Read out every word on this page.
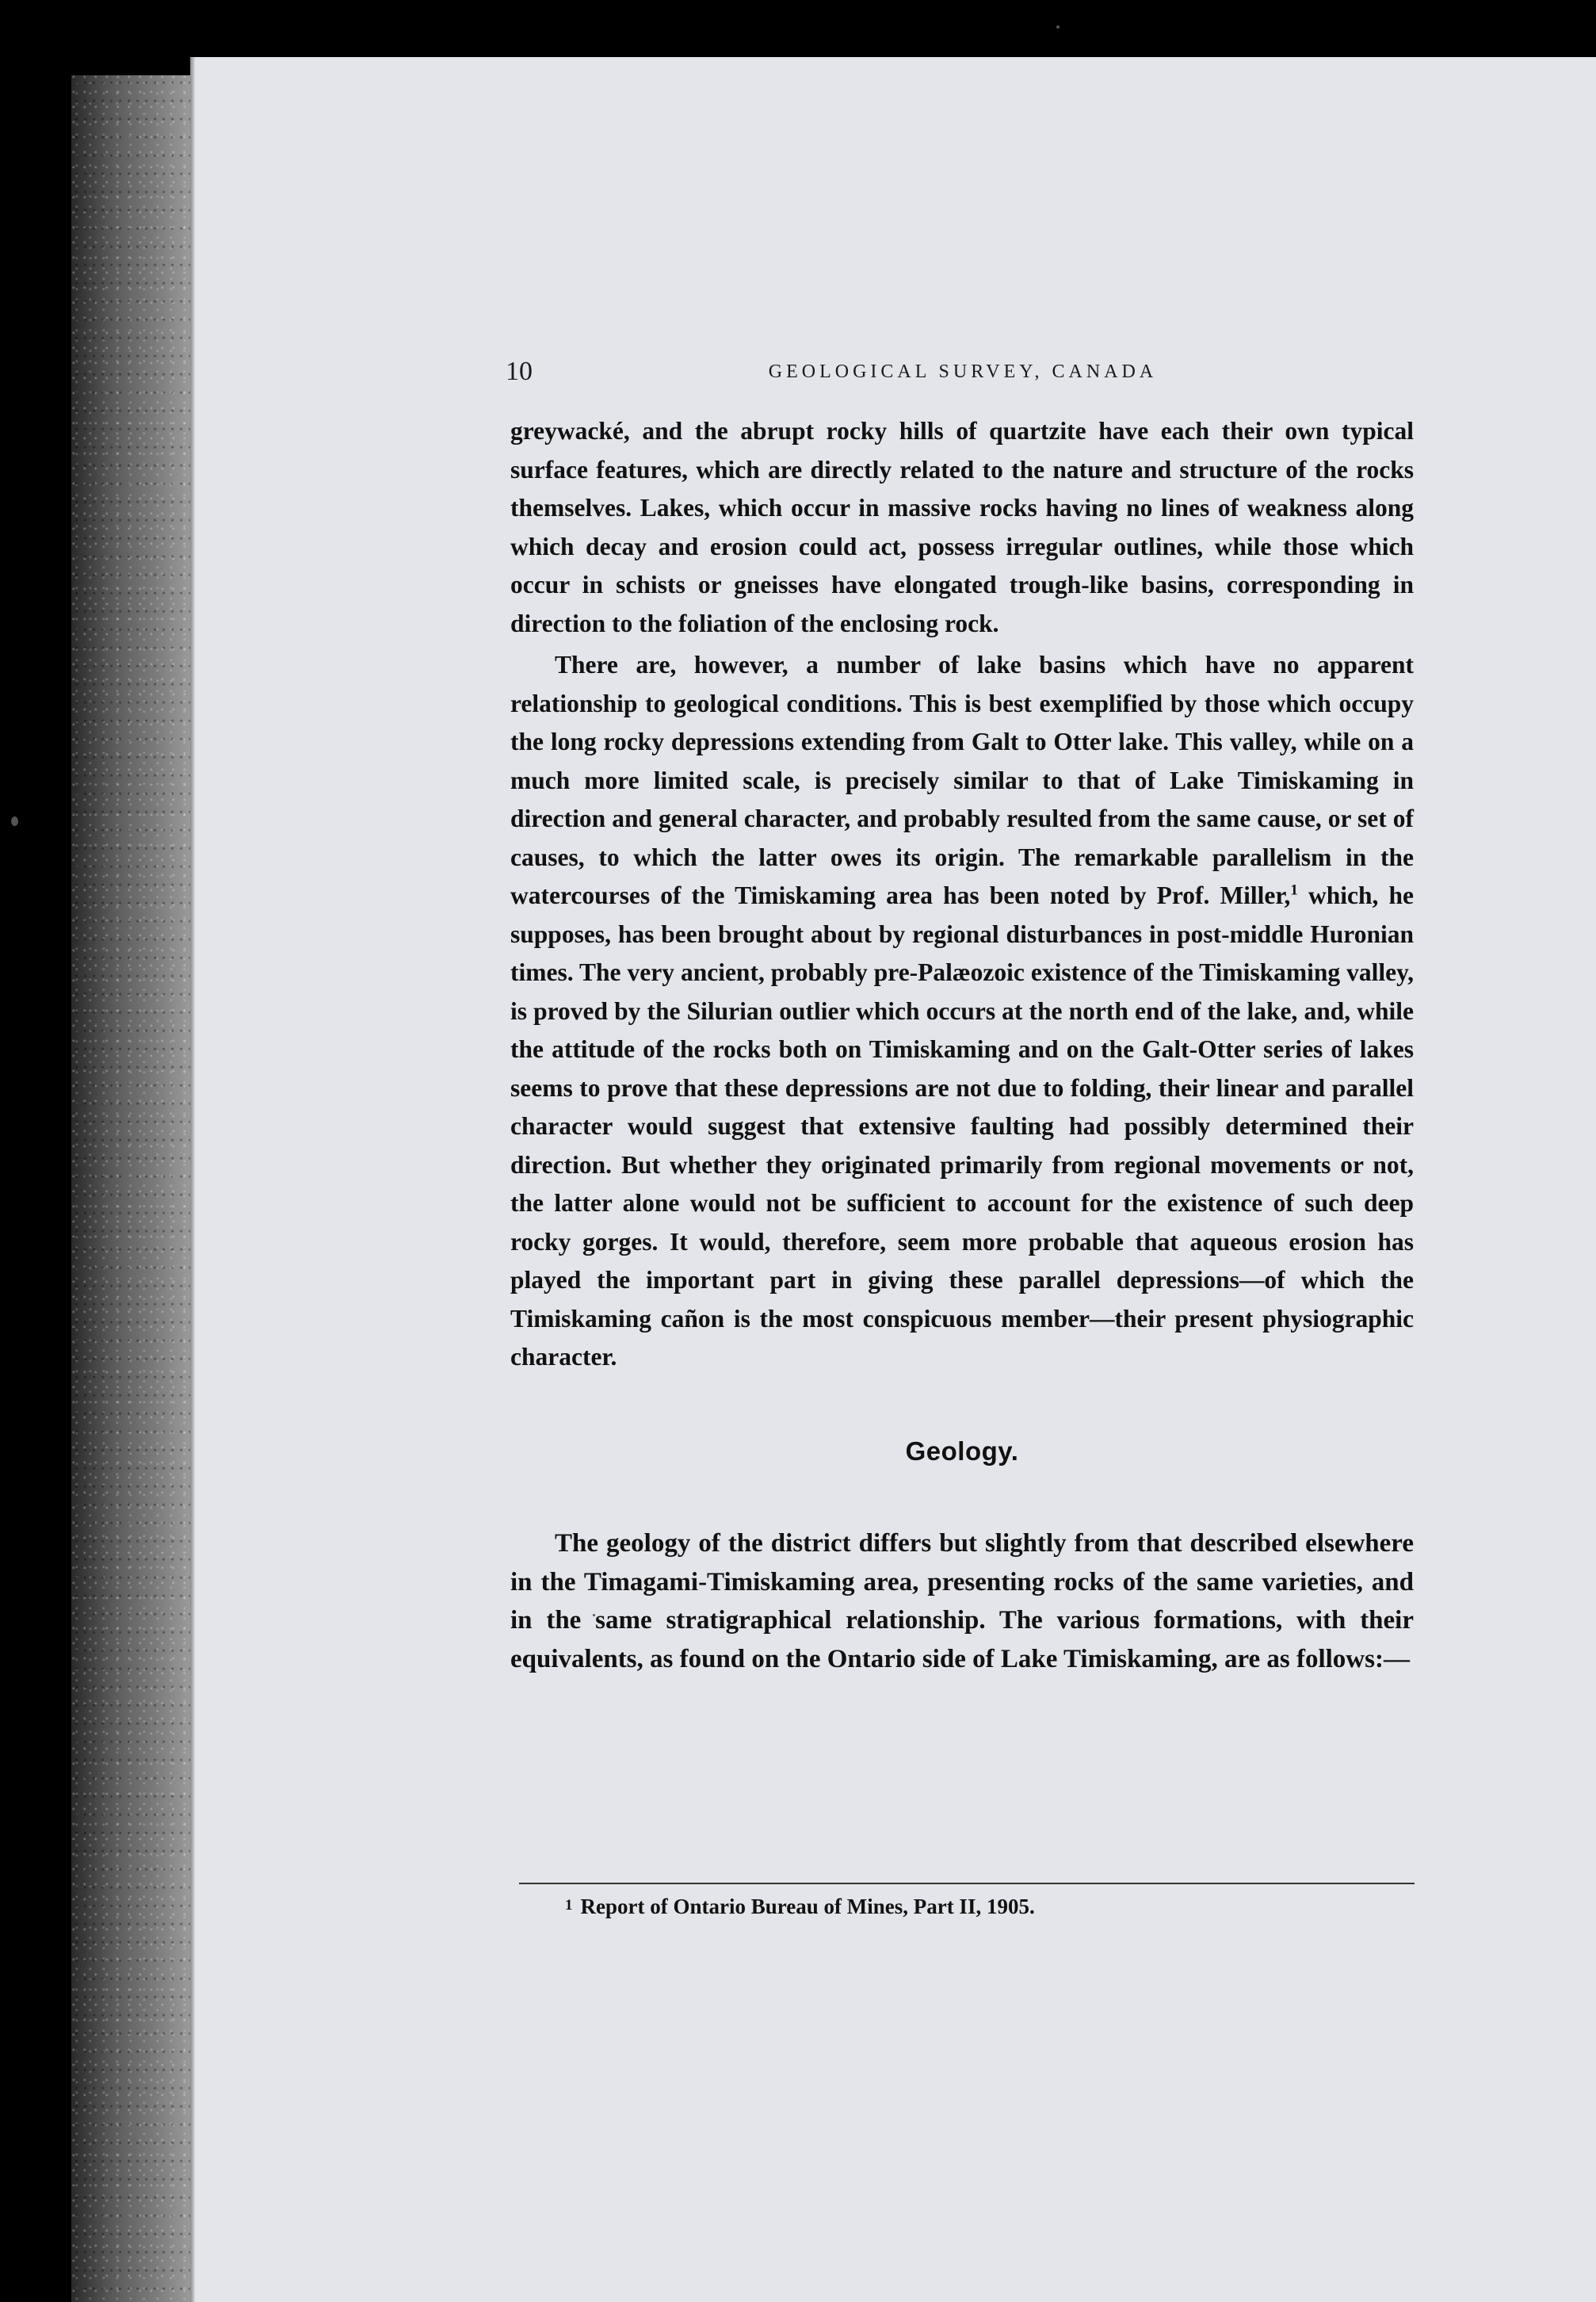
10	GEOLOGICAL SURVEY, CANADA

greywacké, and the abrupt rocky hills of quartzite have each their own typical surface features, which are directly related to the nature and structure of the rocks themselves. Lakes, which occur in massive rocks having no lines of weakness along which decay and erosion could act, possess irregular outlines, while those which occur in schists or gneisses have elongated trough-like basins, corresponding in direction to the foliation of the enclosing rock.

There are, however, a number of lake basins which have no apparent relationship to geological conditions. This is best exemplified by those which occupy the long rocky depressions extending from Galt to Otter lake. This valley, while on a much more limited scale, is precisely similar to that of Lake Timiskaming in direction and general character, and probably resulted from the same cause, or set of causes, to which the latter owes its origin. The remarkable parallelism in the watercourses of the Timiskaming area has been noted by Prof. Miller,$^1$ which, he supposes, has been brought about by regional disturbances in post-middle Huronian times. The very ancient, probably pre-Palæozoic existence of the Timiskaming valley, is proved by the Silurian outlier which occurs at the north end of the lake, and, while the attitude of the rocks both on Timiskaming and on the Galt-Otter series of lakes seems to prove that these depressions are not due to folding, their linear and parallel character would suggest that extensive faulting had possibly determined their direction. But whether they originated primarily from regional movements or not, the latter alone would not be sufficient to account for the existence of such deep rocky gorges. It would, therefore, seem more probable that aqueous erosion has played the important part in giving these parallel depressions—of which the Timiskaming cañon is the most conspicuous member—their present physiographic character.

Geology.

The geology of the district differs but slightly from that described elsewhere in the Timagami-Timiskaming area, presenting rocks of the same varieties, and in the same stratigraphical relationship. The various formations, with their equivalents, as found on the Ontario side of Lake Timiskaming, are as follows:—

1 Report of Ontario Bureau of Mines, Part II, 1905.
